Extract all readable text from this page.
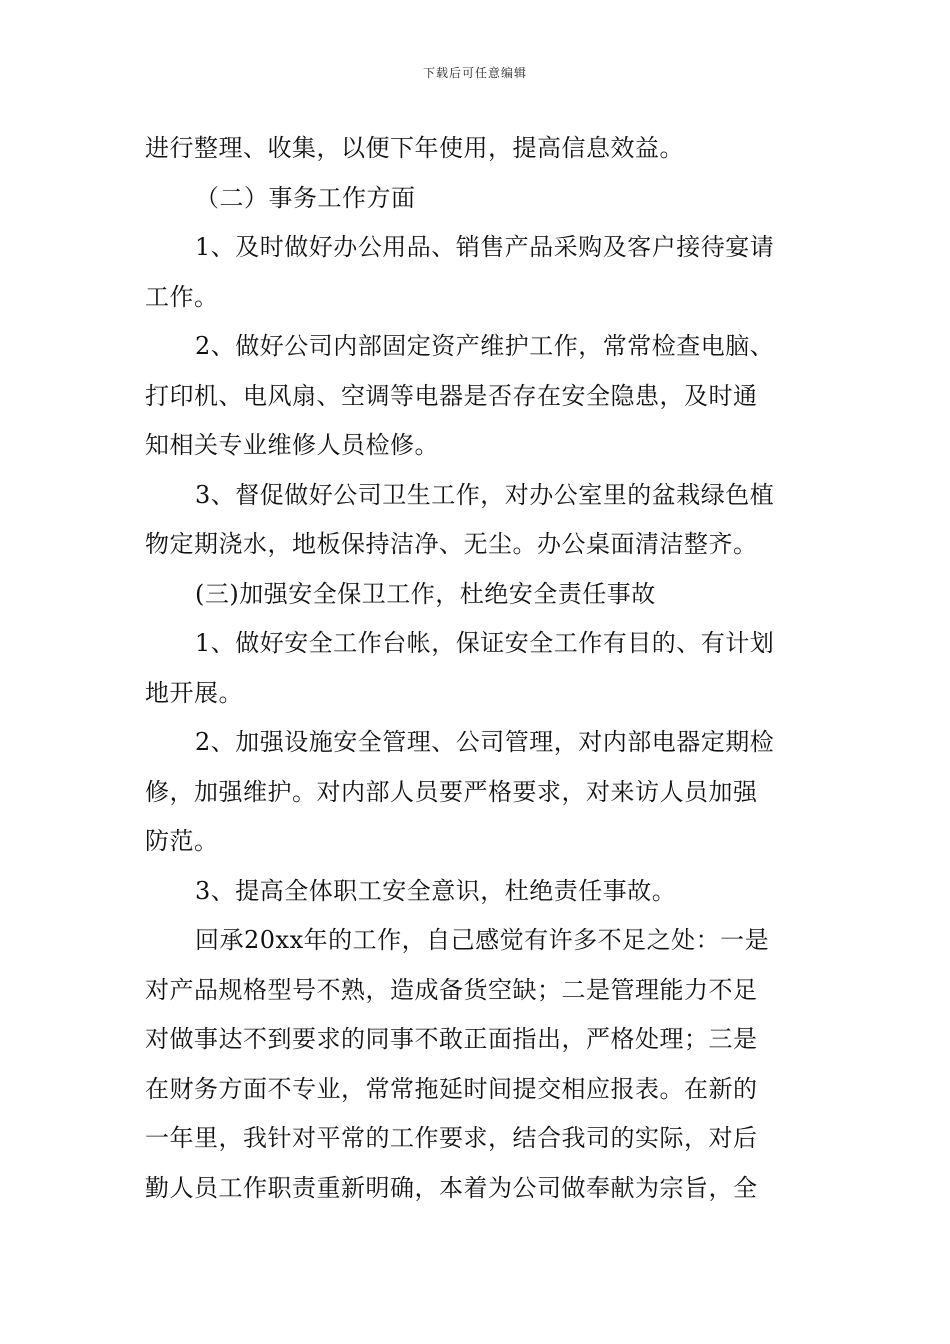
下载后可任意编辑
进行整理、收集，以便下年使用，提高信息效益。
（二）事务工作方面
1、及时做好办公用品、销售产品采购及客户接待宴请
工作。
2、做好公司内部固定资产维护工作，常常检查电脑、
打印机、电风扇、空调等电器是否存在安全隐患，及时通
知相关专业维修人员检修。
3、督促做好公司卫生工作，对办公室里的盆栽绿色植
物定期浇水，地板保持洁净、无尘。办公桌面清洁整齐。
(三)加强安全保卫工作，杜绝安全责任事故
1、做好安全工作台帐，保证安全工作有目的、有计划
地开展。
2、加强设施安全管理、公司管理，对内部电器定期检
修，加强维护。对内部人员要严格要求，对来访人员加强
防范。
3、提高全体职工安全意识，杜绝责任事故。
回承20xx年的工作，自己感觉有许多不足之处：一是
对产品规格型号不熟，造成备货空缺；二是管理能力不足
对做事达不到要求的同事不敢正面指出，严格处理；三是
在财务方面不专业，常常拖延时间提交相应报表。在新的
一年里，我针对平常的工作要求，结合我司的实际，对后
勤人员工作职责重新明确，本着为公司做奉献为宗旨，全
